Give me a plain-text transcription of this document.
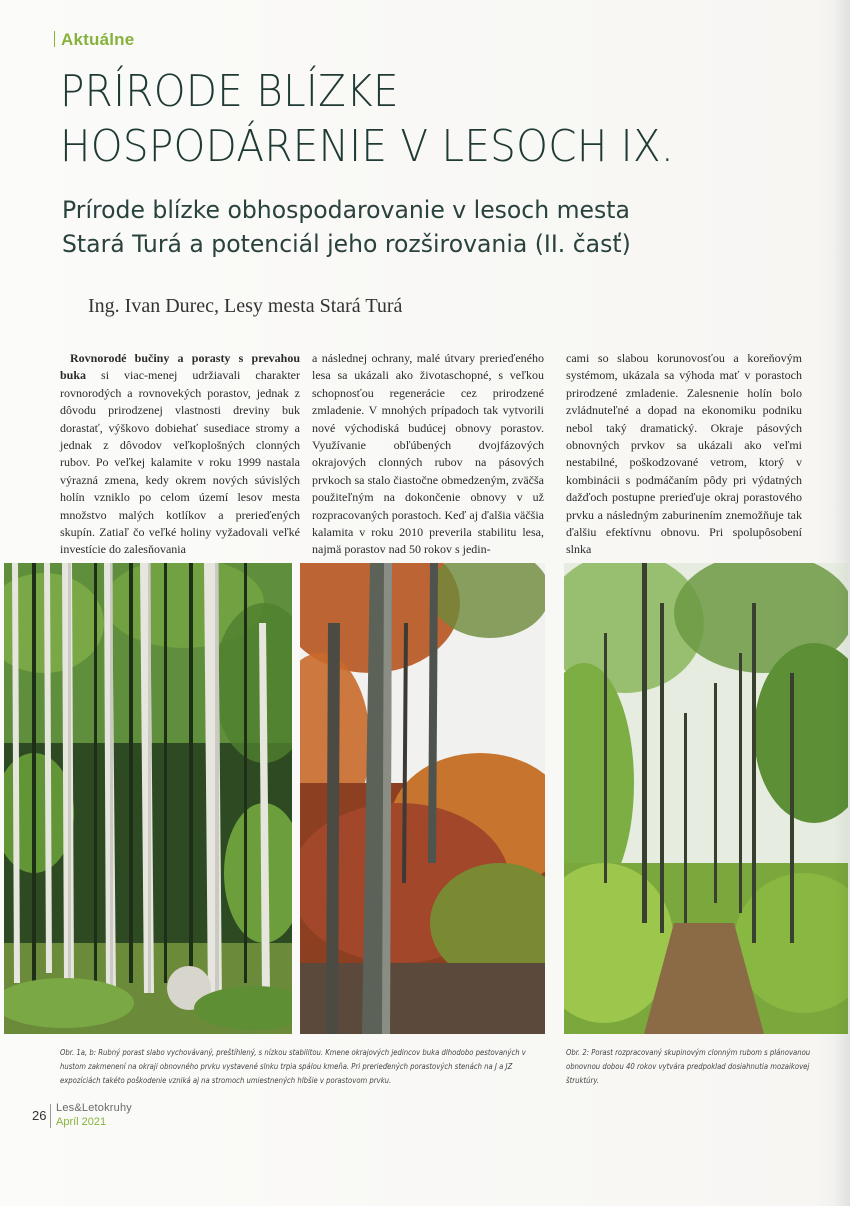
Aktuálne
PRÍRODE BLÍZKE
HOSPODÁRENIE V LESOCH IX.
Prírode blízke obhospodarovanie v lesoch mesta
Stará Turá a potenciál jeho rozširovania (II. časť)
Ing. Ivan Durec, Lesy mesta Stará Turá

Rovnorodé bučiny a porasty s prevahou buka si viac-menej udržiavali charakter rovnorodých a rovnovekých porastov, jednak z dôvodu prirodzenej vlastnosti dreviny buk dorastať, výškovo dobiehať susediace stromy a jednak z dôvodov veľkoplošných clonných rubov. Po veľkej kalamite v roku 1999 nastala výrazná zmena, kedy okrem nových súvislých holín vzniklo po celom území lesov mesta množstvo malých kotlíkov a prerieďených skupín. Zatiaľ čo veľké holiny vyžadovali veľké investície do zalesňovania

a následnej ochrany, malé útvary prerieďeného lesa sa ukázali ako životaschopné, s veľkou schopnosťou regenerácie cez prirodzené zmladenie. V mnohých prípadoch tak vytvorili nové východiská budúcej obnovy porastov. Využívanie obľúbených dvojfázových okrajových clonných rubov na pásových prvkoch sa stalo čiastočne obmedzeným, zväčša použiteľným na dokončenie obnovy v už rozpracovaných porastoch. Keď aj ďalšia väčšia kalamita v roku 2010 preverila stabilitu lesa, najmä porastov nad 50 rokov s jedin-

cami so slabou korunovosťou a koreňovým systémom, ukázala sa výhoda mať v porastoch prirodzené zmladenie. Zalesnenie holín bolo zvládnuteľné a dopad na ekonomiku podniku nebol taký dramatický. Okraje pásových obnovných prvkov sa ukázali ako veľmi nestabilné, poškodzované vetrom, ktorý v kombinácii s podmáčaním pôdy pri výdatných dažďoch postupne prerieďuje okraj porastového prvku a následným zaburinením znemožňuje tak ďalšiu efektívnu obnovu. Pri spolupôsobení slnka

Obr. 1a, b: Rubný porast slabo vychovávaný, preštíhlený, s nízkou stabilitou. Kmene okrajových jedincov buka dlhodobo pestovaných v hustom zakmenení na okraji obnovného prvku vystavené slnku trpia spálou kmeňa. Pri prerieďených porastových stenách na J a JZ expozíciách takéto poškodenie vzniká aj na stromoch umiestnených hlbšie v porastovom prvku.
Obr. 2: Porast rozpracovaný skupinovým clonným rubom s plánovanou obnovnou dobou 40 rokov vytvára predpoklad dosiahnutia mozaikovej štruktúry.
26 Les&Letokruhy
Apríl 2021
